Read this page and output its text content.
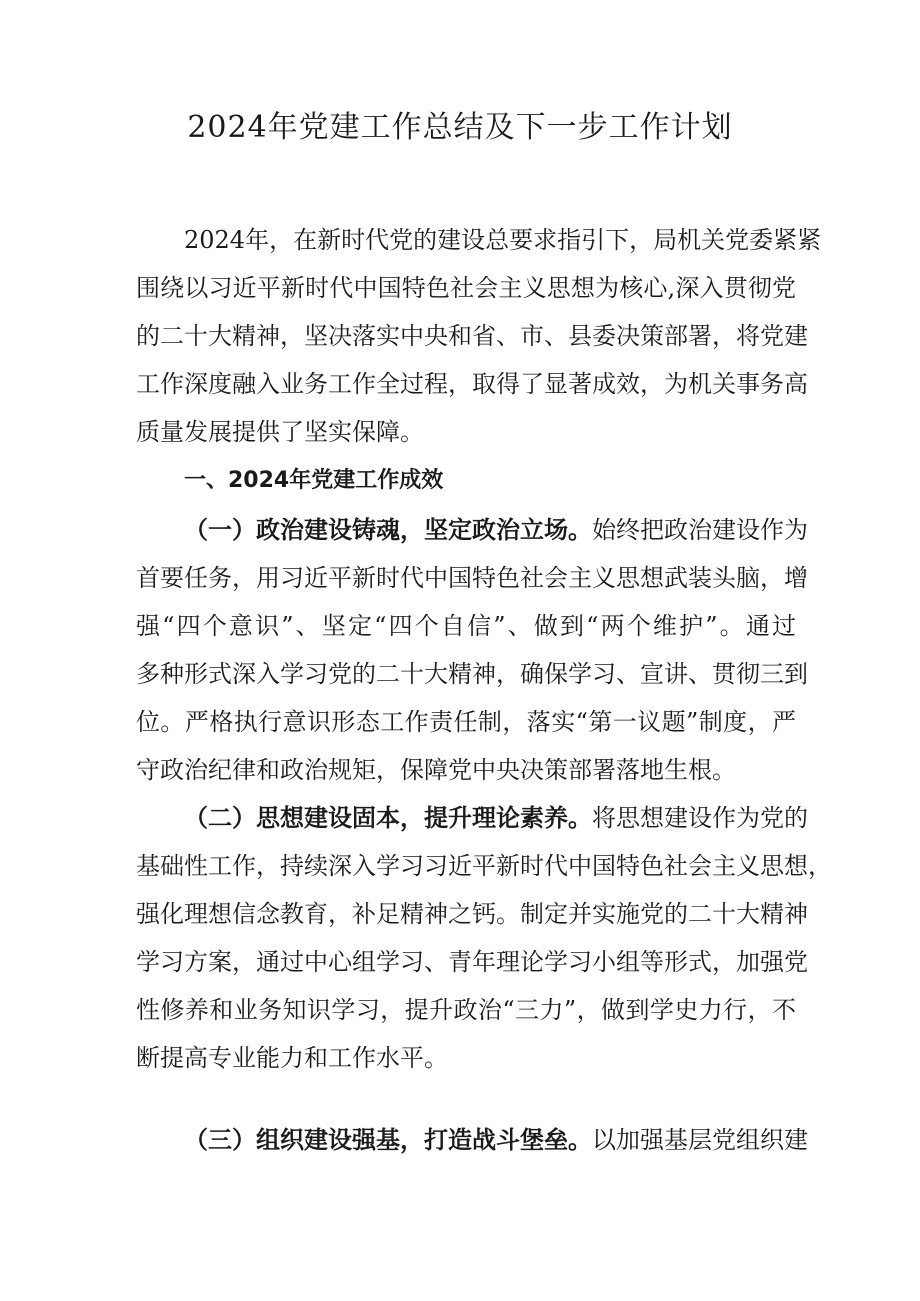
2024年党建工作总结及下一步工作计划

2024年，在新时代党的建设总要求指引下，局机关党委紧紧

围绕以习近平新时代中国特色社会主义思想为核心,深入贯彻党

的二十大精神，坚决落实中央和省、市、县委决策部署，将党建

工作深度融入业务工作全过程，取得了显著成效，为机关事务高

质量发展提供了坚实保障。

一、2024年党建工作成效

（一）政治建设铸魂，坚定政治立场。始终把政治建设作为

首要任务，用习近平新时代中国特色社会主义思想武装头脑，增

强“四个意识”、坚定“四个自信”、做到“两个维护”。通过

多种形式深入学习党的二十大精神，确保学习、宣讲、贯彻三到

位。严格执行意识形态工作责任制，落实“第一议题”制度，严

守政治纪律和政治规矩，保障党中央决策部署落地生根。

（二）思想建设固本，提升理论素养。将思想建设作为党的

基础性工作，持续深入学习习近平新时代中国特色社会主义思想，

强化理想信念教育，补足精神之钙。制定并实施党的二十大精神

学习方案，通过中心组学习、青年理论学习小组等形式，加强党

性修养和业务知识学习，提升政治“三力”，做到学史力行，不

断提高专业能力和工作水平。

（三）组织建设强基，打造战斗堡垒。以加强基层党组织建
